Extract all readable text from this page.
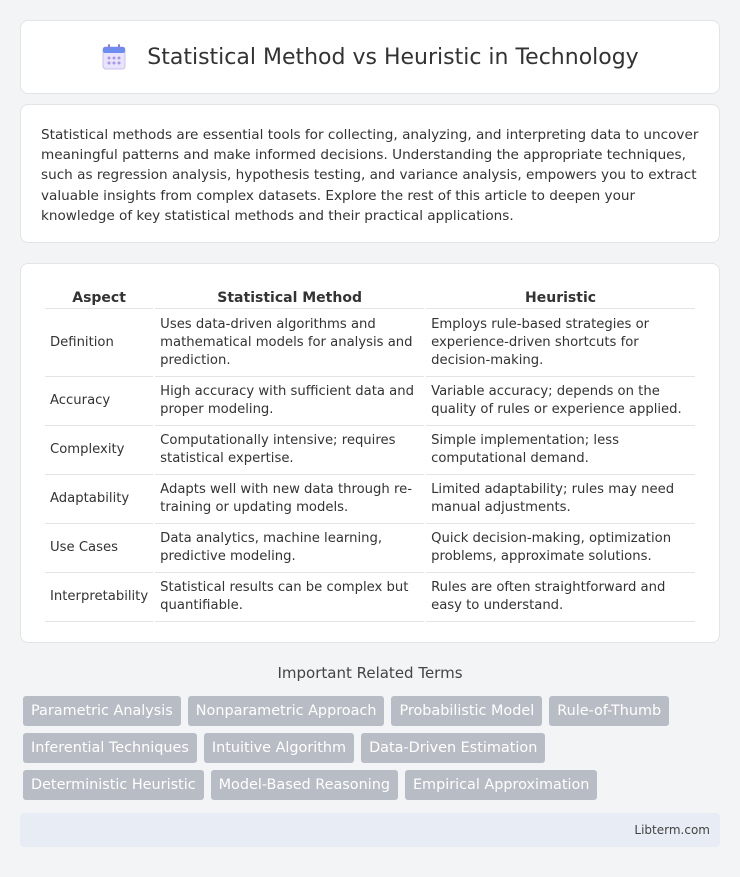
Statistical Method vs Heuristic in Technology

Statistical methods are essential tools for collecting, analyzing, and interpreting data to uncover meaningful patterns and make informed decisions. Understanding the appropriate techniques, such as regression analysis, hypothesis testing, and variance analysis, empowers you to extract valuable insights from complex datasets. Explore the rest of this article to deepen your knowledge of key statistical methods and their practical applications.

Aspect	Statistical Method	Heuristic
Definition	Uses data-driven algorithms and mathematical models for analysis and prediction.	Employs rule-based strategies or experience-driven shortcuts for decision-making.
Accuracy	High accuracy with sufficient data and proper modeling.	Variable accuracy; depends on the quality of rules or experience applied.
Complexity	Computationally intensive; requires statistical expertise.	Simple implementation; less computational demand.
Adaptability	Adapts well with new data through re-training or updating models.	Limited adaptability; rules may need manual adjustments.
Use Cases	Data analytics, machine learning, predictive modeling.	Quick decision-making, optimization problems, approximate solutions.
Interpretability	Statistical results can be complex but quantifiable.	Rules are often straightforward and easy to understand.
Important Related Terms
Parametric Analysis	Nonparametric Approach	Probabilistic Model	Rule-of-Thumb
Inferential Techniques	Intuitive Algorithm	Data-Driven Estimation
Deterministic Heuristic	Model-Based Reasoning	Empirical Approximation
Libterm.com
